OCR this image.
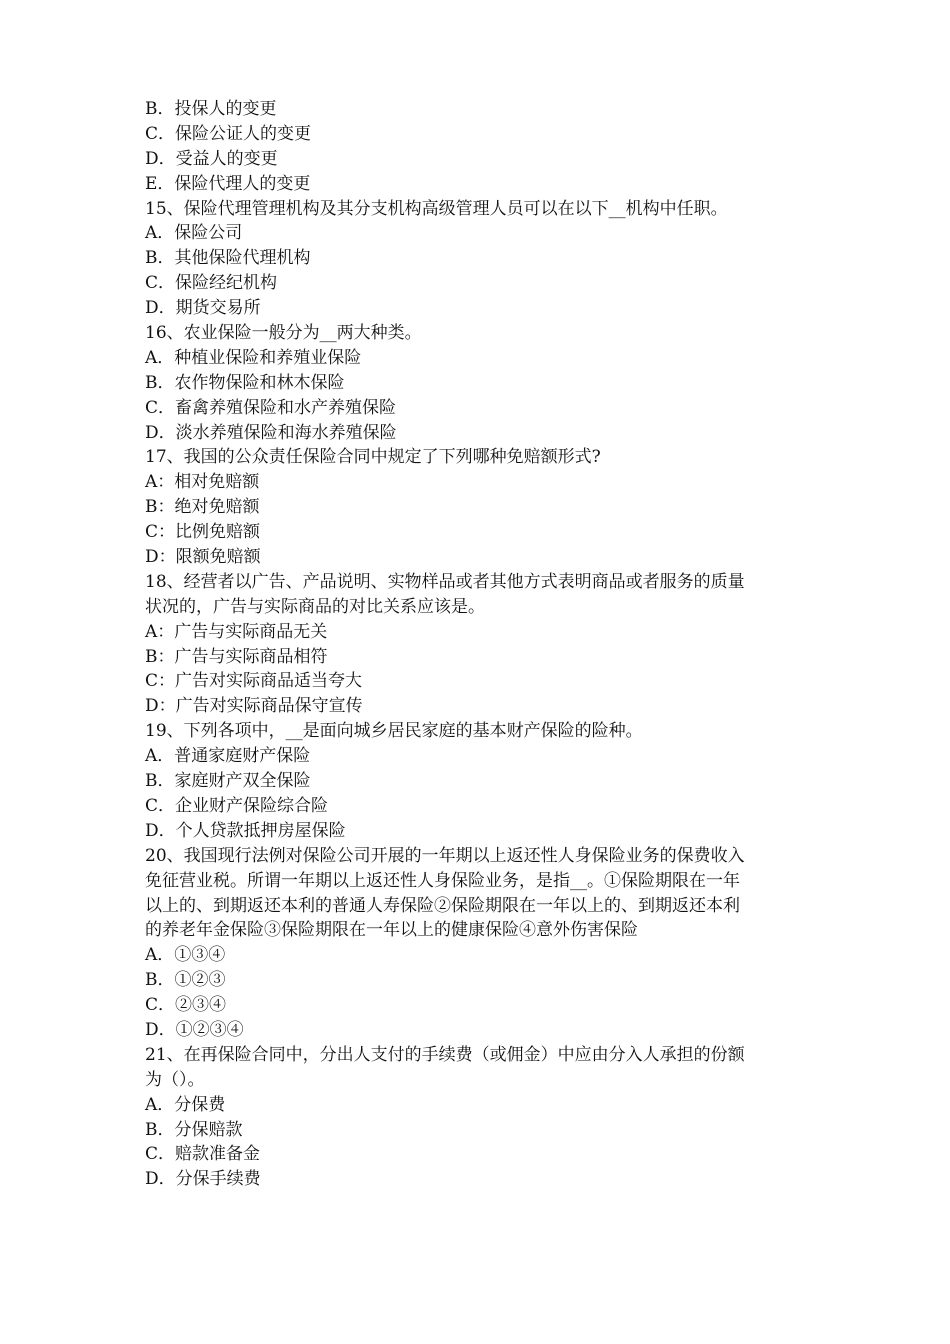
B．投保人的变更
C．保险公证人的变更
D．受益人的变更
E．保险代理人的变更
15、保险代理管理机构及其分支机构高级管理人员可以在以下__机构中任职。
A．保险公司
B．其他保险代理机构
C．保险经纪机构
D．期货交易所
16、农业保险一般分为__两大种类。
A．种植业保险和养殖业保险
B．农作物保险和林木保险
C．畜禽养殖保险和水产养殖保险
D．淡水养殖保险和海水养殖保险
17、我国的公众责任保险合同中规定了下列哪种免赔额形式?
A：相对免赔额
B：绝对免赔额
C：比例免赔额
D：限额免赔额
18、经营者以广告、产品说明、实物样品或者其他方式表明商品或者服务的质量
状况的，广告与实际商品的对比关系应该是。
A：广告与实际商品无关
B：广告与实际商品相符
C：广告对实际商品适当夸大
D：广告对实际商品保守宣传
19、下列各项中，__是面向城乡居民家庭的基本财产保险的险种。
A．普通家庭财产保险
B．家庭财产双全保险
C．企业财产保险综合险
D．个人贷款抵押房屋保险
20、我国现行法例对保险公司开展的一年期以上返还性人身保险业务的保费收入
免征营业税。所谓一年期以上返还性人身保险业务，是指__。①保险期限在一年
以上的、到期返还本利的普通人寿保险②保险期限在一年以上的、到期返还本利
的养老年金保险③保险期限在一年以上的健康保险④意外伤害保险
A．①③④
B．①②③
C．②③④
D．①②③④
21、在再保险合同中，分出人支付的手续费（或佣金）中应由分入人承担的份额
为（）。
A．分保费
B．分保赔款
C．赔款准备金
D．分保手续费
